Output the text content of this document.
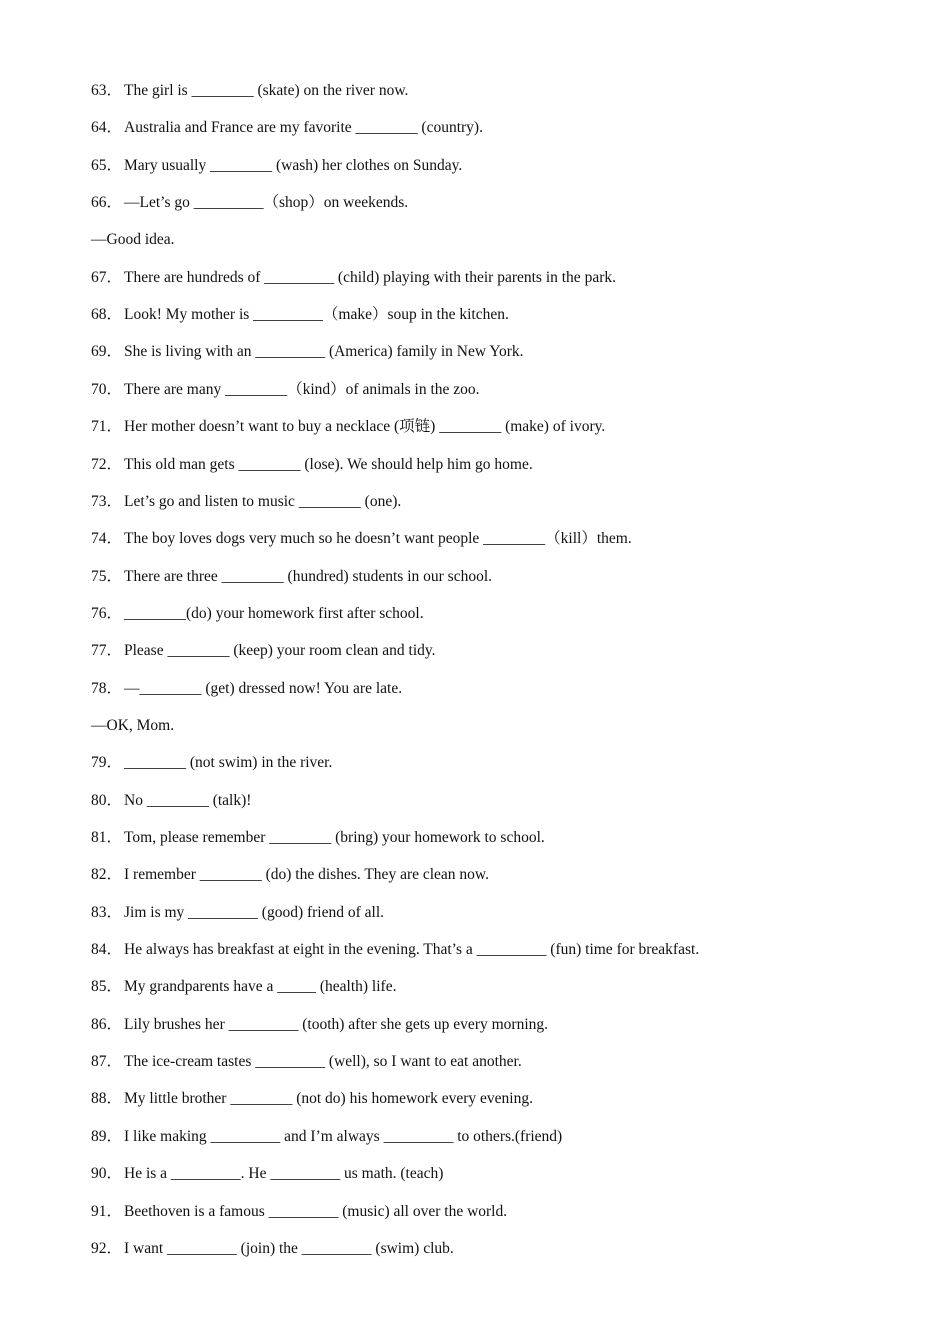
63． The girl is ________ (skate) on the river now.
64． Australia and France are my favorite ________ (country).
65． Mary usually ________ (wash) her clothes on Sunday.
66． —Let’s go _________（shop）on weekends.
—Good idea.
67． There are hundreds of _________ (child) playing with their parents in the park.
68． Look! My mother is _________（make）soup in the kitchen.
69． She is living with an _________ (America) family in New York.
70． There are many ________（kind）of animals in the zoo.
71． Her mother doesn’t want to buy a necklace (项链) ________ (make) of ivory.
72． This old man gets ________ (lose). We should help him go home.
73． Let’s go and listen to music ________ (one).
74． The boy loves dogs very much so he doesn’t want people ________（kill）them.
75． There are three ________ (hundred) students in our school.
76． ________(do) your homework first after school.
77． Please ________ (keep) your room clean and tidy.
78． —________ (get) dressed now! You are late.
—OK, Mom.
79． ________ (not swim) in the river.
80． No ________ (talk)!
81． Tom, please remember ________ (bring) your homework to school.
82． I remember ________ (do) the dishes. They are clean now.
83． Jim is my _________ (good) friend of all.
84． He always has breakfast at eight in the evening. That’s a _________ (fun) time for breakfast.
85． My grandparents have a _____ (health) life.
86． Lily brushes her _________ (tooth) after she gets up every morning.
87． The ice-cream tastes _________ (well), so I want to eat another.
88． My little brother ________ (not do) his homework every evening.
89． I like making _________ and I’m always _________ to others.(friend)
90． He is a _________. He _________ us math. (teach)
91． Beethoven is a famous _________ (music) all over the world.
92． I want _________ (join) the _________ (swim) club.
